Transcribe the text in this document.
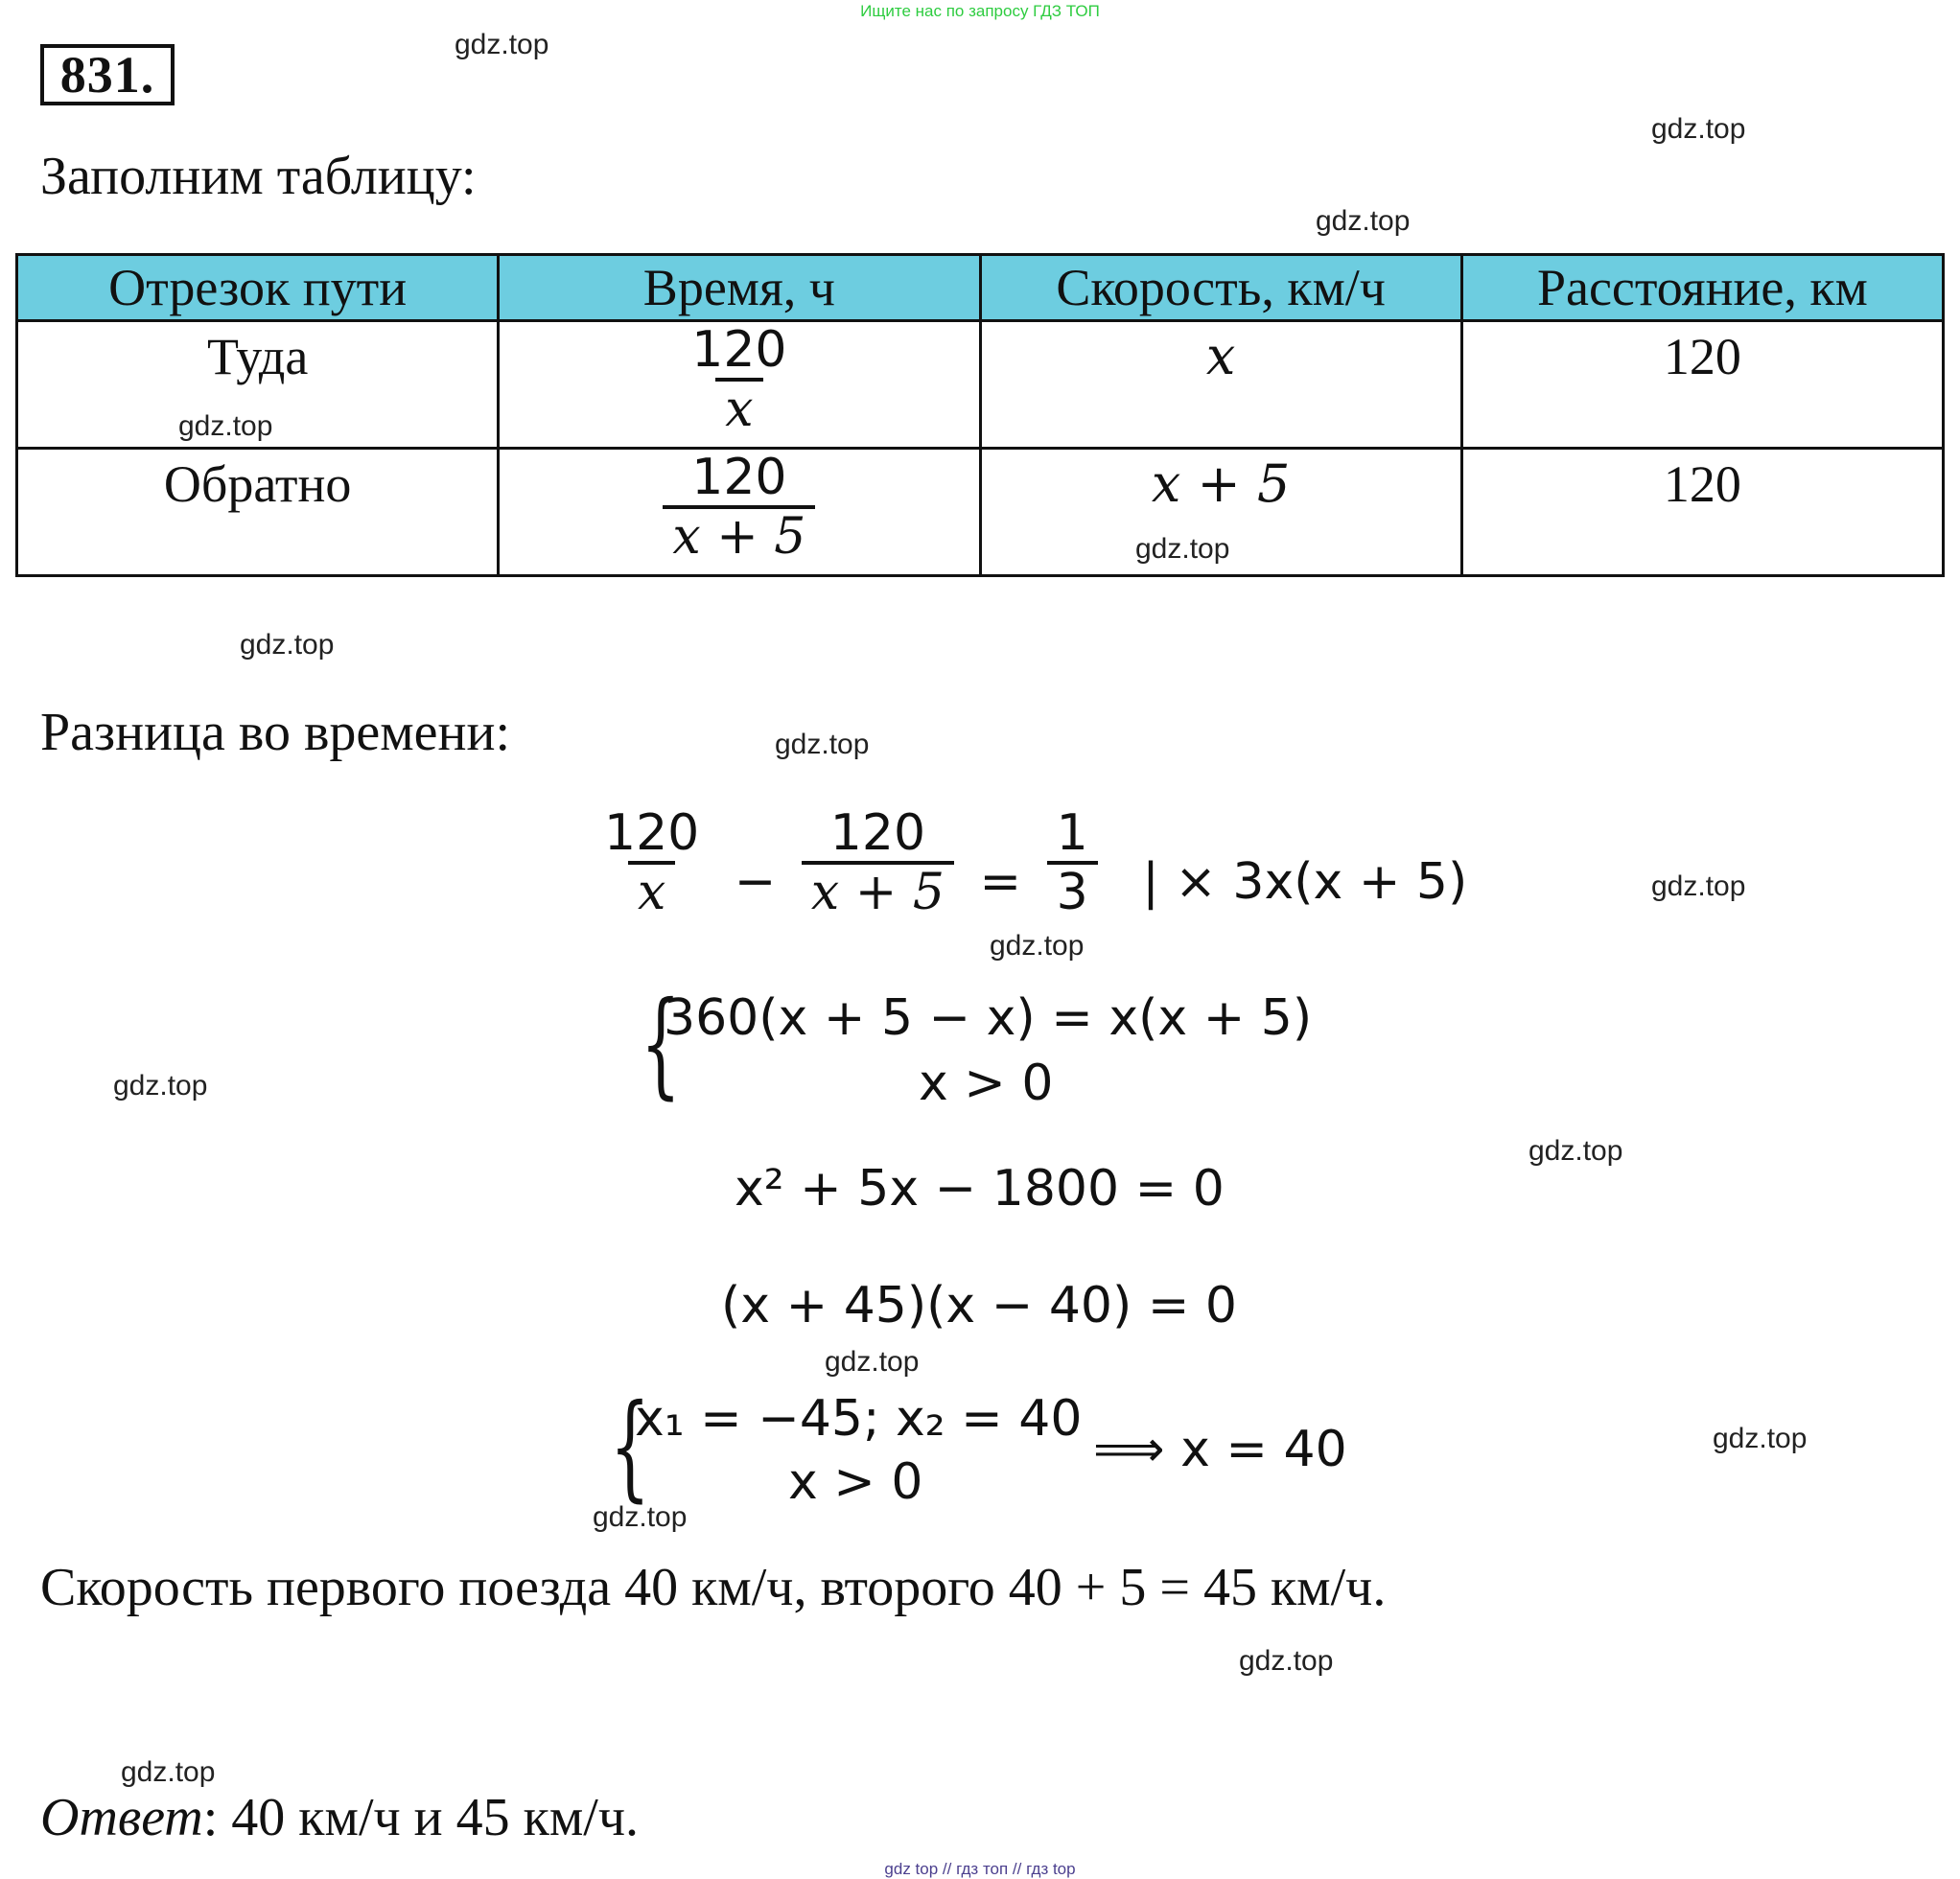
Ищите нас по запросу ГДЗ ТОП
831.
Заполним таблицу:
Отрезок пути	Время, ч	Скорость, км/ч	Расстояние, км

Туда	$\frac{120}{x}$	x	120

Обратно	$\frac{120}{x + 5}$	x + 5	120
Разница во времени:
$\frac{120}{x} - \frac{120}{x + 5} = \frac{1}{3}$ | × 3x(x + 5)
{
360(x + 5 − x) = x(x + 5)
x > 0
x² + 5x − 1800 = 0
(x + 45)(x − 40) = 0
{
x₁ = −45; x₂ = 40
x > 0
⟹ x = 40
Скорость первого поезда 40 км/ч, второго 40 + 5 = 45 км/ч.
Ответ: 40 км/ч и 45 км/ч.
gdz.top
gdz.top
gdz.top
gdz.top
gdz.top
gdz.top
gdz.top
gdz.top
gdz.top
gdz.top
gdz.top
gdz.top
gdz.top
gdz.top
gdz.top
gdz.top
gdz top // гдз топ // гдз top
